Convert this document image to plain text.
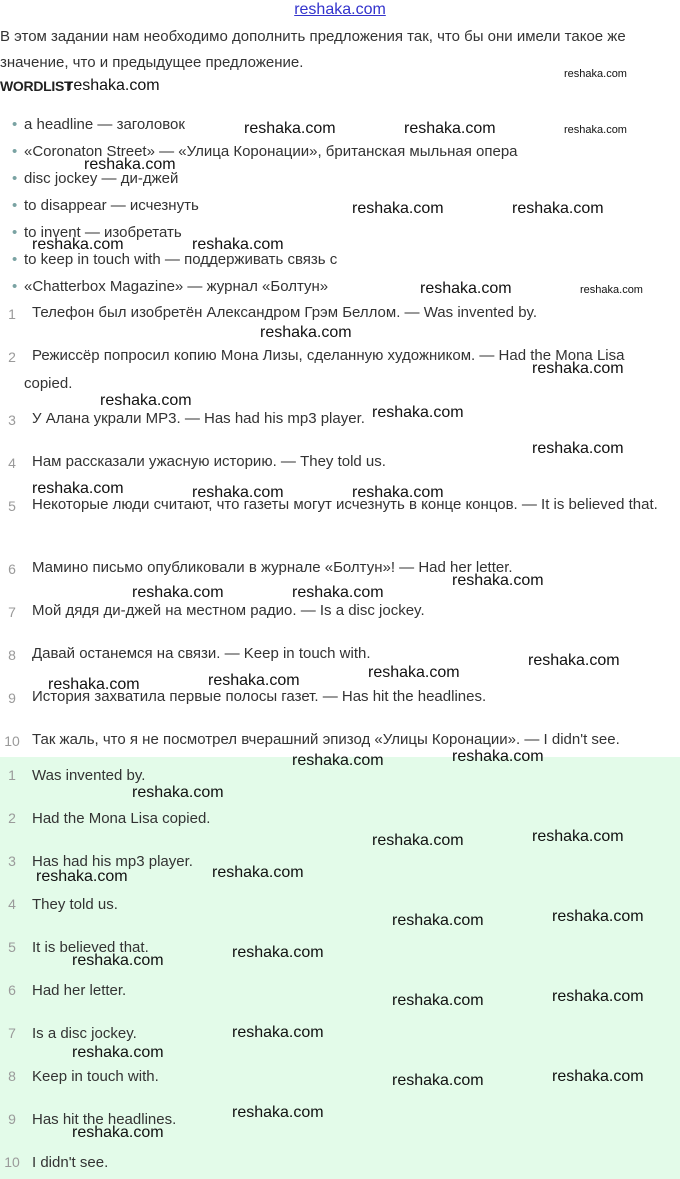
reshaka.com
В этом задании нам необходимо дополнить предложения так, что бы они имели такое же значение, что и предыдущее предложение.
WORDLIST
• a headline — заголовок
• «Coronaton Street» — «Улица Коронации», британская мыльная опера
• disc jockey — ди-джей
• to disappear — исчезнуть
• to invent — изобретать
• to keep in touch with — поддерживать связь с
• «Chatterbox Magazine» — журнал «Болтун»
1	Телефон был изобретён Александром Грэм Беллом. — Was invented by.
2	Режиссёр попросил копию Мона Лизы, сделанную художником. — Had the Mona Lisa copied.
3	У Алана украли MP3. — Has had his mp3 player.
4	Нам рассказали ужасную историю. — They told us.
5	Некоторые люди считают, что газеты могут исчезнуть в конце концов. — It is believed that.
6	Мамино письмо опубликовали в журнале «Болтун»! — Had her letter.
7	Мой дядя ди-джей на местном радио. — Is a disc jockey.
8	Давай останемся на связи. — Keep in touch with.
9	История захватила первые полосы газет. — Has hit the headlines.
10 Так жаль, что я не посмотрел вчерашний эпизод «Улицы Коронации». — I didn't see.
1	Was invented by.
2	Had the Mona Lisa copied.
3	Has had his mp3 player.
4	They told us.
5	It is believed that.
6	Had her letter.
7	Is a disc jockey.
8	Keep in touch with.
9	Has hit the headlines.
10 I didn't see.
reshaka.com
reshaka.com
reshaka.com	reshaka.com	reshaka.com
reshaka.com
reshaka.com	reshaka.com
reshaka.com	reshaka.com
reshaka.com	reshaka.com
reshaka.com
reshaka.com
reshaka.com
reshaka.com
reshaka.com
reshaka.com	reshaka.com	reshaka.com
reshaka.com
reshaka.com	reshaka.com
reshaka.com
reshaka.com
reshaka.com	reshaka.com
reshaka.com
reshaka.com
reshaka.com
reshaka.com
reshaka.com
reshaka.com
reshaka.com
reshaka.com
reshaka.com
reshaka.com
reshaka.com
reshaka.com
reshaka.com
reshaka.com
reshaka.com
reshaka.com
reshaka.com
reshaka.com
reshaka.com
